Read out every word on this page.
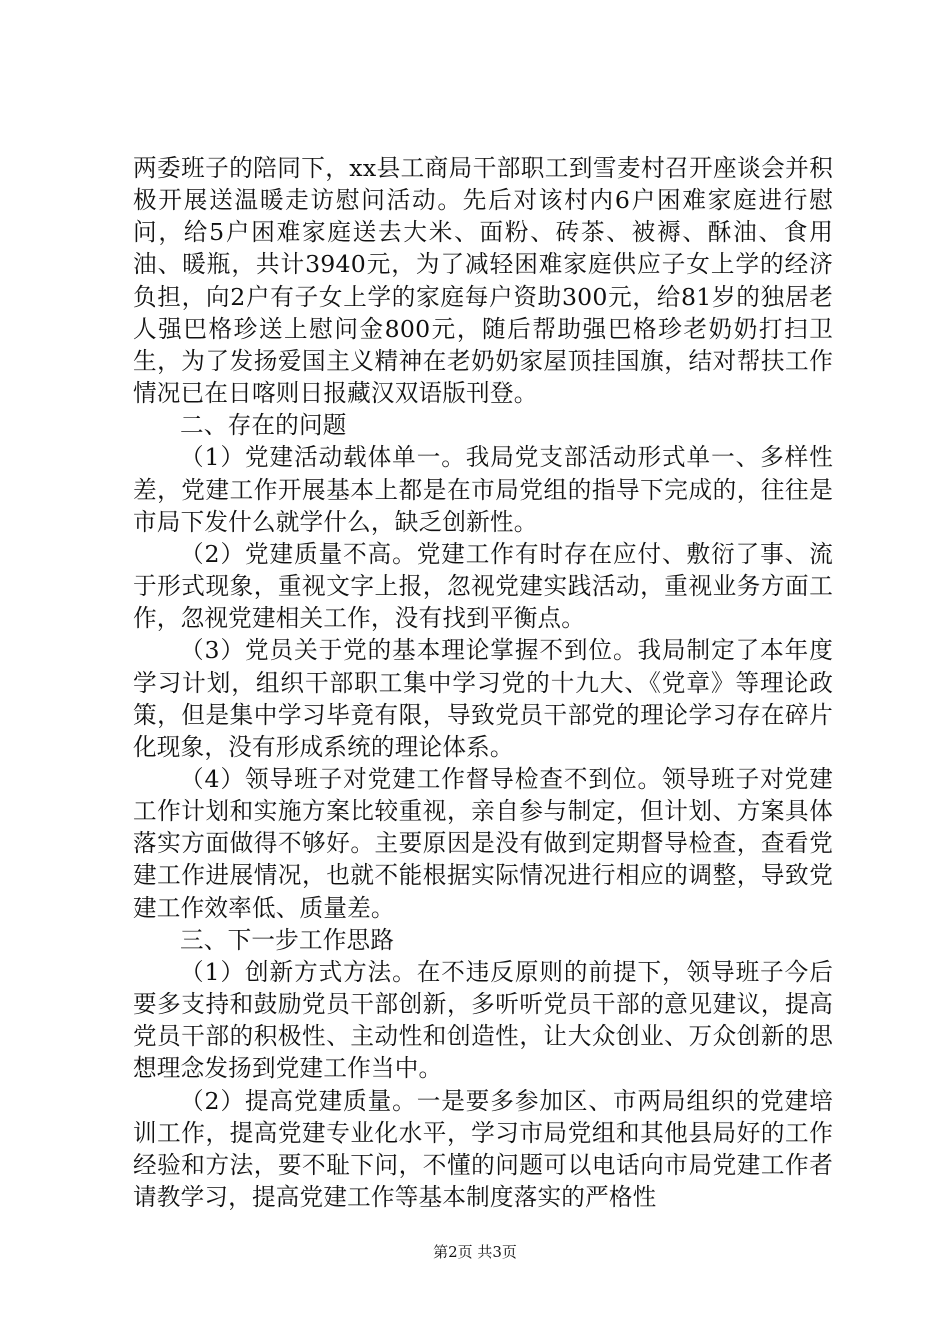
两委班子的陪同下，xx县工商局干部职工到雪麦村召开座谈会并积极开展送温暖走访慰问活动。先后对该村内6户困难家庭进行慰问，给5户困难家庭送去大米、面粉、砖茶、被褥、酥油、食用油、暖瓶，共计3940元，为了减轻困难家庭供应子女上学的经济负担，向2户有子女上学的家庭每户资助300元，给81岁的独居老人强巴格珍送上慰问金800元，随后帮助强巴格珍老奶奶打扫卫生，为了发扬爱国主义精神在老奶奶家屋顶挂国旗，结对帮扶工作情况已在日喀则日报藏汉双语版刊登。

二、存在的问题

（1）党建活动载体单一。我局党支部活动形式单一、多样性差，党建工作开展基本上都是在市局党组的指导下完成的，往往是市局下发什么就学什么，缺乏创新性。

（2）党建质量不高。党建工作有时存在应付、敷衍了事、流于形式现象，重视文字上报，忽视党建实践活动，重视业务方面工作，忽视党建相关工作，没有找到平衡点。

（3）党员关于党的基本理论掌握不到位。我局制定了本年度学习计划，组织干部职工集中学习党的十九大、《党章》等理论政策，但是集中学习毕竟有限，导致党员干部党的理论学习存在碎片化现象，没有形成系统的理论体系。

（4）领导班子对党建工作督导检查不到位。领导班子对党建工作计划和实施方案比较重视，亲自参与制定，但计划、方案具体落实方面做得不够好。主要原因是没有做到定期督导检查，查看党建工作进展情况，也就不能根据实际情况进行相应的调整，导致党建工作效率低、质量差。

三、下一步工作思路

（1）创新方式方法。在不违反原则的前提下，领导班子今后要多支持和鼓励党员干部创新，多听听党员干部的意见建议，提高党员干部的积极性、主动性和创造性，让大众创业、万众创新的思想理念发扬到党建工作当中。

（2）提高党建质量。一是要多参加区、市两局组织的党建培训工作，提高党建专业化水平，学习市局党组和其他县局好的工作经验和方法，要不耻下问，不懂的问题可以电话向市局党建工作者请教学习，提高党建工作等基本制度落实的严格性

第2页 共3页
